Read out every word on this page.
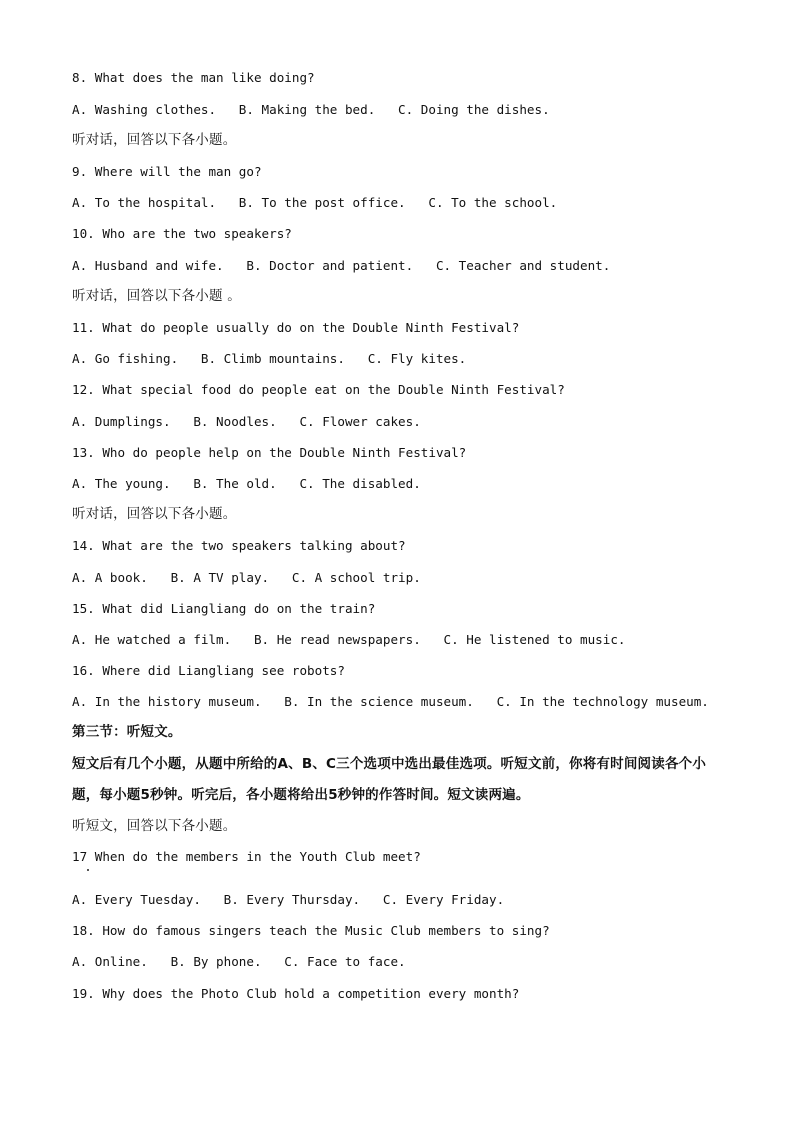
8. What does the man like doing?
A. Washing clothes.   B. Making the bed.   C. Doing the dishes.
听对话，回答以下各小题。
9. Where will the man go?
A. To the hospital.   B. To the post office.   C. To the school.
10. Who are the two speakers?
A. Husband and wife.   B. Doctor and patient.   C. Teacher and student.
听对话，回答以下各小题 。
11. What do people usually do on the Double Ninth Festival?
A. Go fishing.   B. Climb mountains.   C. Fly kites.
12. What special food do people eat on the Double Ninth Festival?
A. Dumplings.   B. Noodles.   C. Flower cakes.
13. Who do people help on the Double Ninth Festival?
A. The young.   B. The old.   C. The disabled.
听对话，回答以下各小题。
14. What are the two speakers talking about?
A. A book.   B. A TV play.   C. A school trip.
15. What did Liangliang do on the train?
A. He watched a film.   B. He read newspapers.   C. He listened to music.
16. Where did Liangliang see robots?
A. In the history museum.   B. In the science museum.   C. In the technology museum.
第三节：听短文。
短文后有几个小题，从题中所给的A、B、C三个选项中选出最佳选项。听短文前，你将有时间阅读各个小
题，每小题5秒钟。听完后，各小题将给出5秒钟的作答时间。短文读两遍。
听短文，回答以下各小题。
17 When do the members in the Youth Club meet?
A. Every Tuesday.   B. Every Thursday.   C. Every Friday.
18. How do famous singers teach the Music Club members to sing?
A. Online.   B. By phone.   C. Face to face.
19. Why does the Photo Club hold a competition every month?
